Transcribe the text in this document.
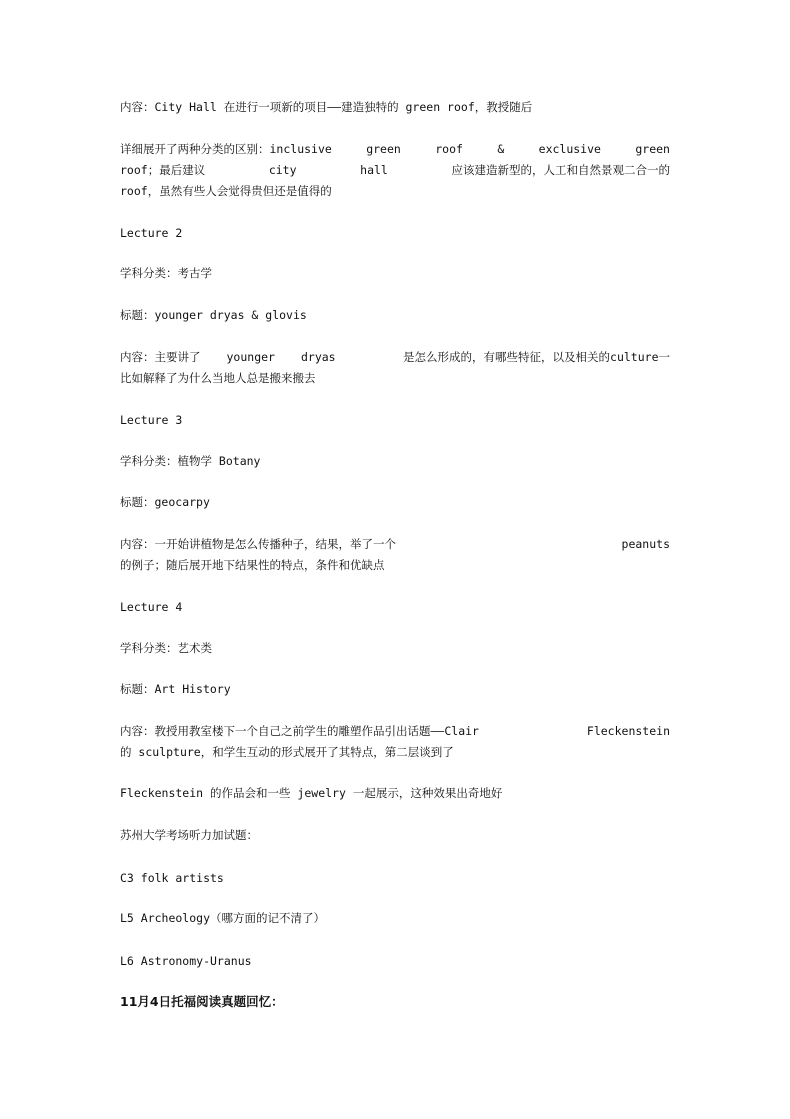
内容：City Hall 在进行一项新的项目——建造独特的 green roof，教授随后
详细展开了两种分类的区别：inclusive	green	roof	&	exclusive	green
roof；最后建议	city	hall	应该建造新型的，人工和自然景观二合一的
roof，虽然有些人会觉得贵但还是值得的
Lecture 2
学科分类：考古学
标题：younger dryas & glovis
内容：主要讲了 younger dryas	是怎么形成的，有哪些特征，以及相关的culture一
比如解释了为什么当地人总是搬来搬去
Lecture 3
学科分类：植物学 Botany
标题：geocarpy
内容：一开始讲植物是怎么传播种子，结果，举了一个	peanuts
的例子；随后展开地下结果性的特点，条件和优缺点
Lecture 4
学科分类：艺术类
标题：Art History
内容：教授用教室楼下一个自己之前学生的雕塑作品引出话题——Clair	Fleckenstein
的 sculpture，和学生互动的形式展开了其特点，第二层谈到了
Fleckenstein 的作品会和一些 jewelry 一起展示，这种效果出奇地好
苏州大学考场听力加试题：
C3 folk artists
L5 Archeology（哪方面的记不清了）
L6 Astronomy-Uranus
11月4日托福阅读真题回忆：
